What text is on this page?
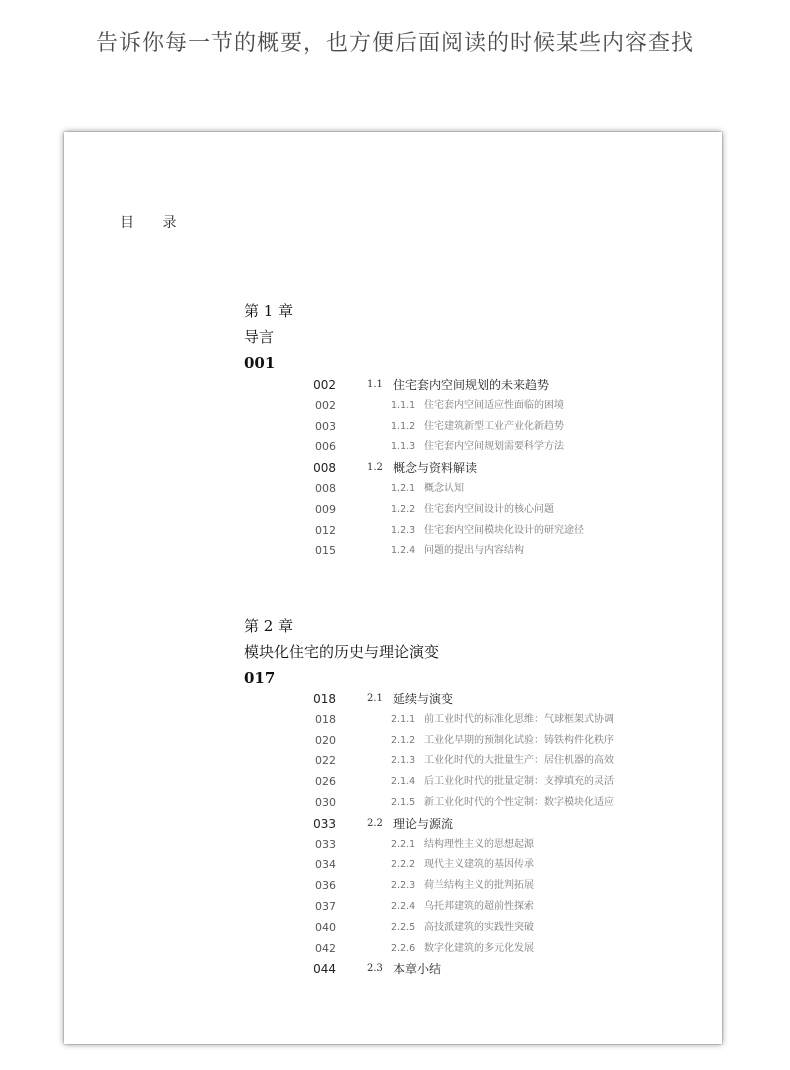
告诉你每一节的概要，也方便后面阅读的时候某些内容查找
目 录
第 1 章
导言
001
002	1.1 住宅套内空间规划的未来趋势
002	1.1.1 住宅套内空间适应性面临的困境
003	1.1.2 住宅建筑新型工业产业化新趋势
006	1.1.3 住宅套内空间规划需要科学方法
008	1.2 概念与资料解读
008	1.2.1 概念认知
009	1.2.2 住宅套内空间设计的核心问题
012	1.2.3 住宅套内空间模块化设计的研究途径
015	1.2.4 问题的提出与内容结构
第 2 章
模块化住宅的历史与理论演变
017
018	2.1 延续与演变
018	2.1.1 前工业时代的标准化思维：气球框架式协调
020	2.1.2 工业化早期的预制化试验：铸铁构件化秩序
022	2.1.3 工业化时代的大批量生产：居住机器的高效
026	2.1.4 后工业化时代的批量定制：支撑填充的灵活
030	2.1.5 新工业化时代的个性定制：数字模块化适应
033	2.2 理论与源流
033	2.2.1 结构理性主义的思想起源
034	2.2.2 现代主义建筑的基因传承
036	2.2.3 荷兰结构主义的批判拓展
037	2.2.4 乌托邦建筑的超前性探索
040	2.2.5 高技派建筑的实践性突破
042	2.2.6 数字化建筑的多元化发展
044	2.3 本章小结
